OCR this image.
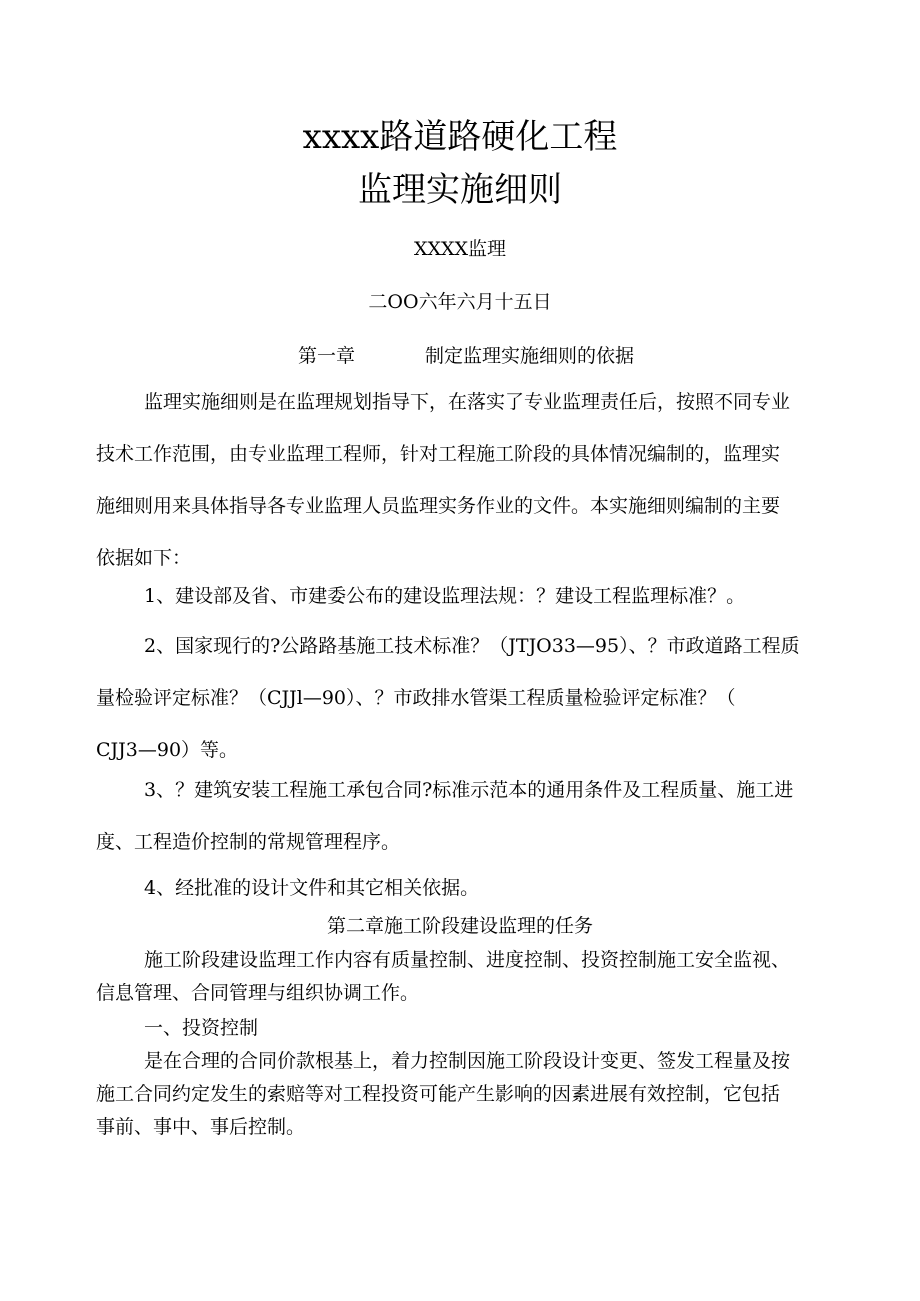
xxxx路道路硬化工程
监理实施细则
XXXX监理
二OO六年六月十五日
第一章	制定监理实施细则的依据
监理实施细则是在监理规划指导下，在落实了专业监理责任后，按照不同专业
技术工作范围，由专业监理工程师，针对工程施工阶段的具体情况编制的，监理实
施细则用来具体指导各专业监理人员监理实务作业的文件。本实施细则编制的主要
依据如下：
1、建设部及省、市建委公布的建设监理法规：？建设工程监理标准？。
2、国家现行的?公路路基施工技术标准？（JTJO33—95）、？市政道路工程质
量检验评定标准？（CJJl—90）、？市政排水管渠工程质量检验评定标准？（
CJJ3—90）等。
3、？建筑安装工程施工承包合同?标准示范本的通用条件及工程质量、施工进
度、工程造价控制的常规管理程序。
4、经批准的设计文件和其它相关依据。
第二章施工阶段建设监理的任务
施工阶段建设监理工作内容有质量控制、进度控制、投资控制施工安全监视、
信息管理、合同管理与组织协调工作。
一、投资控制
是在合理的合同价款根基上，着力控制因施工阶段设计变更、签发工程量及按
施工合同约定发生的索赔等对工程投资可能产生影响的因素进展有效控制，它包括
事前、事中、事后控制。
